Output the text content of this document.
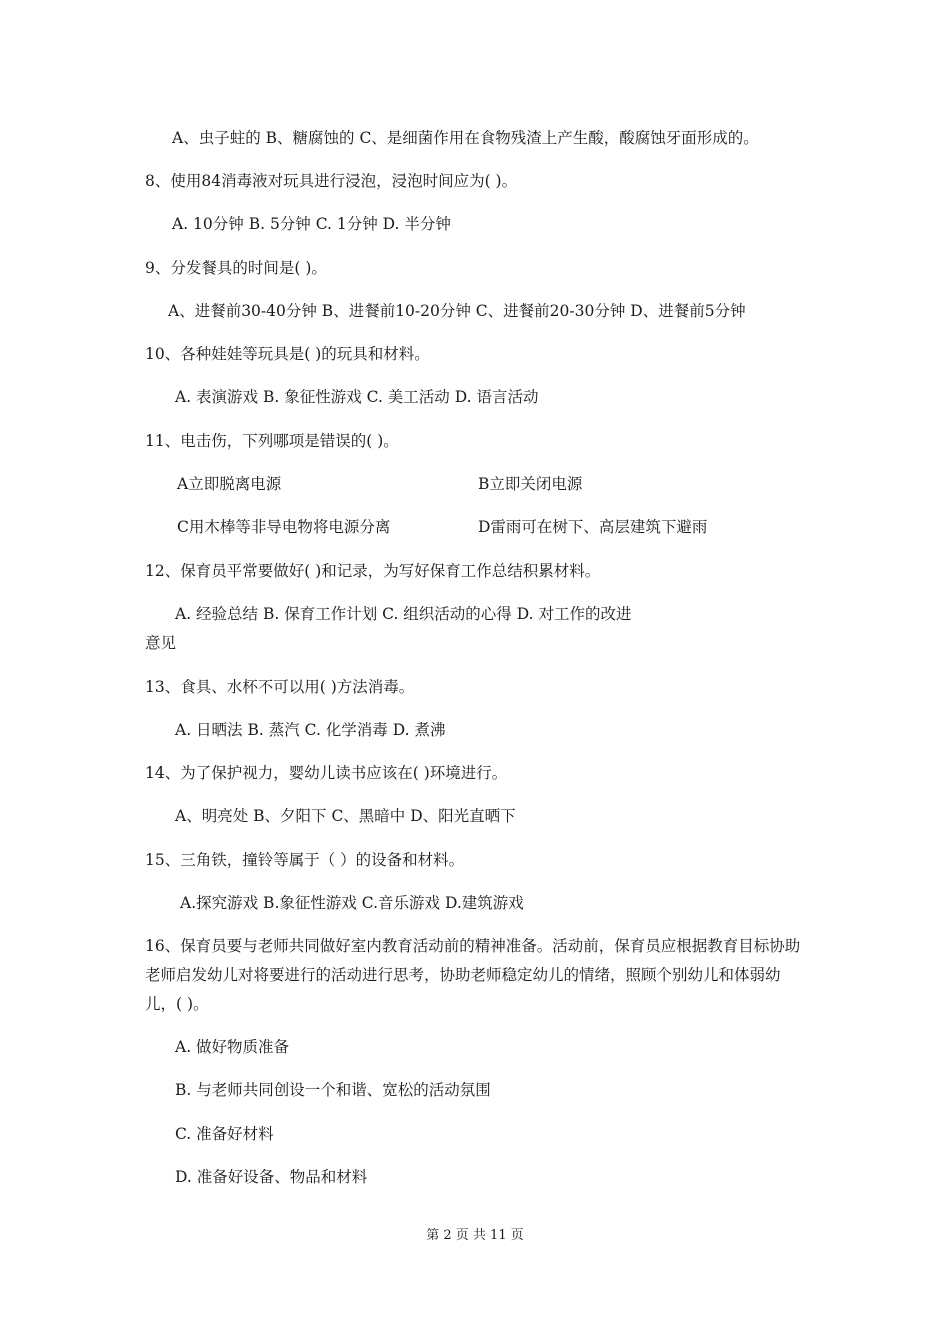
A、虫子蛀的 B、糖腐蚀的 C、是细菌作用在食物残渣上产生酸，酸腐蚀牙面形成的。
8、使用84消毒液对玩具进行浸泡，浸泡时间应为( )。
A. 10分钟 B. 5分钟 C. 1分钟 D. 半分钟
9、分发餐具的时间是( )。
A、进餐前30-40分钟 B、进餐前10-20分钟 C、进餐前20-30分钟 D、进餐前5分钟
10、各种娃娃等玩具是( )的玩具和材料。
A. 表演游戏 B. 象征性游戏 C. 美工活动 D. 语言活动
11、电击伤，下列哪项是错误的( )。
A立即脱离电源	B立即关闭电源
C用木棒等非导电物将电源分离	D雷雨可在树下、高层建筑下避雨
12、保育员平常要做好( )和记录，为写好保育工作总结积累材料。
A. 经验总结 B. 保育工作计划 C. 组织活动的心得 D. 对工作的改进
意见
13、食具、水杯不可以用( )方法消毒。
A. 日晒法 B. 蒸汽 C. 化学消毒 D. 煮沸
14、为了保护视力，婴幼儿读书应该在( )环境进行。
A、明亮处 B、夕阳下 C、黑暗中 D、阳光直晒下
15、三角铁，撞铃等属于（ ）的设备和材料。
A.探究游戏 B.象征性游戏 C.音乐游戏 D.建筑游戏
16、保育员要与老师共同做好室内教育活动前的精神准备。活动前，保育员应根据教育目标协助老师启发幼儿对将要进行的活动进行思考，协助老师稳定幼儿的情绪，照顾个别幼儿和体弱幼儿，( )。
A. 做好物质准备
B. 与老师共同创设一个和谐、宽松的活动氛围
C. 准备好材料
D. 准备好设备、物品和材料
第 2 页 共 11 页
